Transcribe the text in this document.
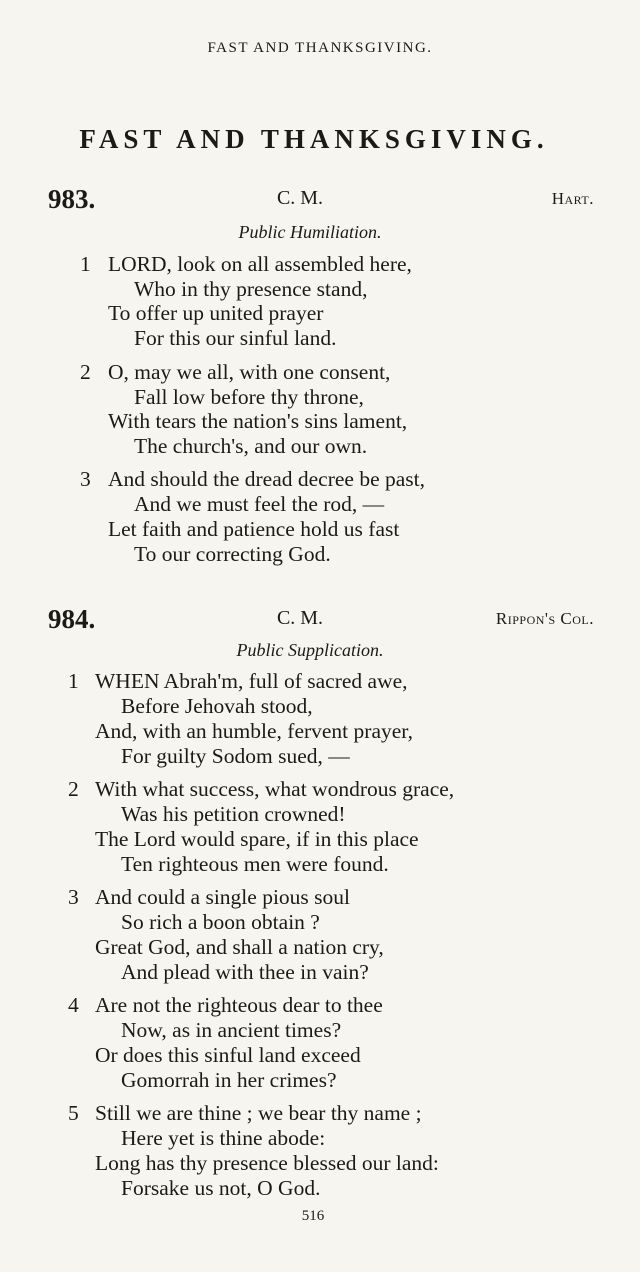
FAST AND THANKSGIVING.
FAST AND THANKSGIVING.
983.	C. M.	Hart.
Public Humiliation.
1 LORD, look on all assembled here,
Who in thy presence stand,
To offer up united prayer
For this our sinful land.
2 O, may we all, with one consent,
Fall low before thy throne,
With tears the nation's sins lament,
The church's, and our own.
3 And should the dread decree be past,
And we must feel the rod, —
Let faith and patience hold us fast
To our correcting God.
984.	C. M.	Rippon's Col.
Public Supplication.
1 WHEN Abrah'm, full of sacred awe,
Before Jehovah stood,
And, with an humble, fervent prayer,
For guilty Sodom sued, —
2 With what success, what wondrous grace,
Was his petition crowned!
The Lord would spare, if in this place
Ten righteous men were found.
3 And could a single pious soul
So rich a boon obtain ?
Great God, and shall a nation cry,
And plead with thee in vain?
4 Are not the righteous dear to thee
Now, as in ancient times?
Or does this sinful land exceed
Gomorrah in her crimes?
5 Still we are thine ; we bear thy name ;
Here yet is thine abode:
Long has thy presence blessed our land:
Forsake us not, O God.
516
